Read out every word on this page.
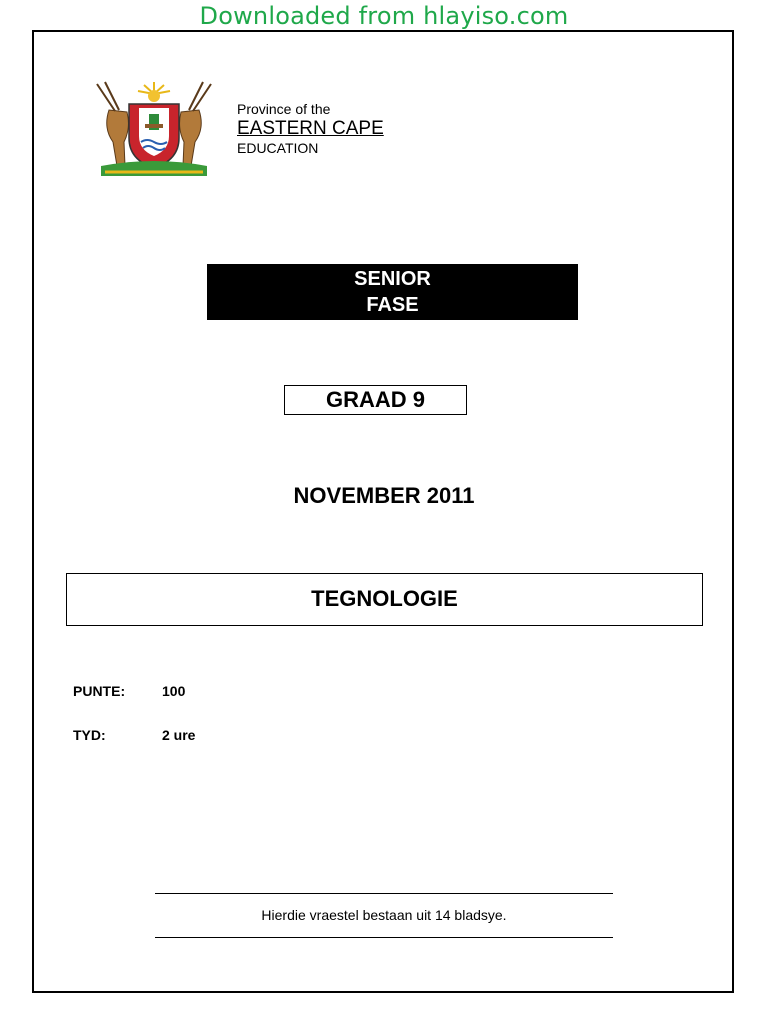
Downloaded from hlayiso.com
Province of the
EASTERN CAPE
EDUCATION
SENIOR
FASE
GRAAD 9
NOVEMBER 2011
TEGNOLOGIE
PUNTE:	100
TYD:	2 ure
Hierdie vraestel bestaan uit 14 bladsye.
